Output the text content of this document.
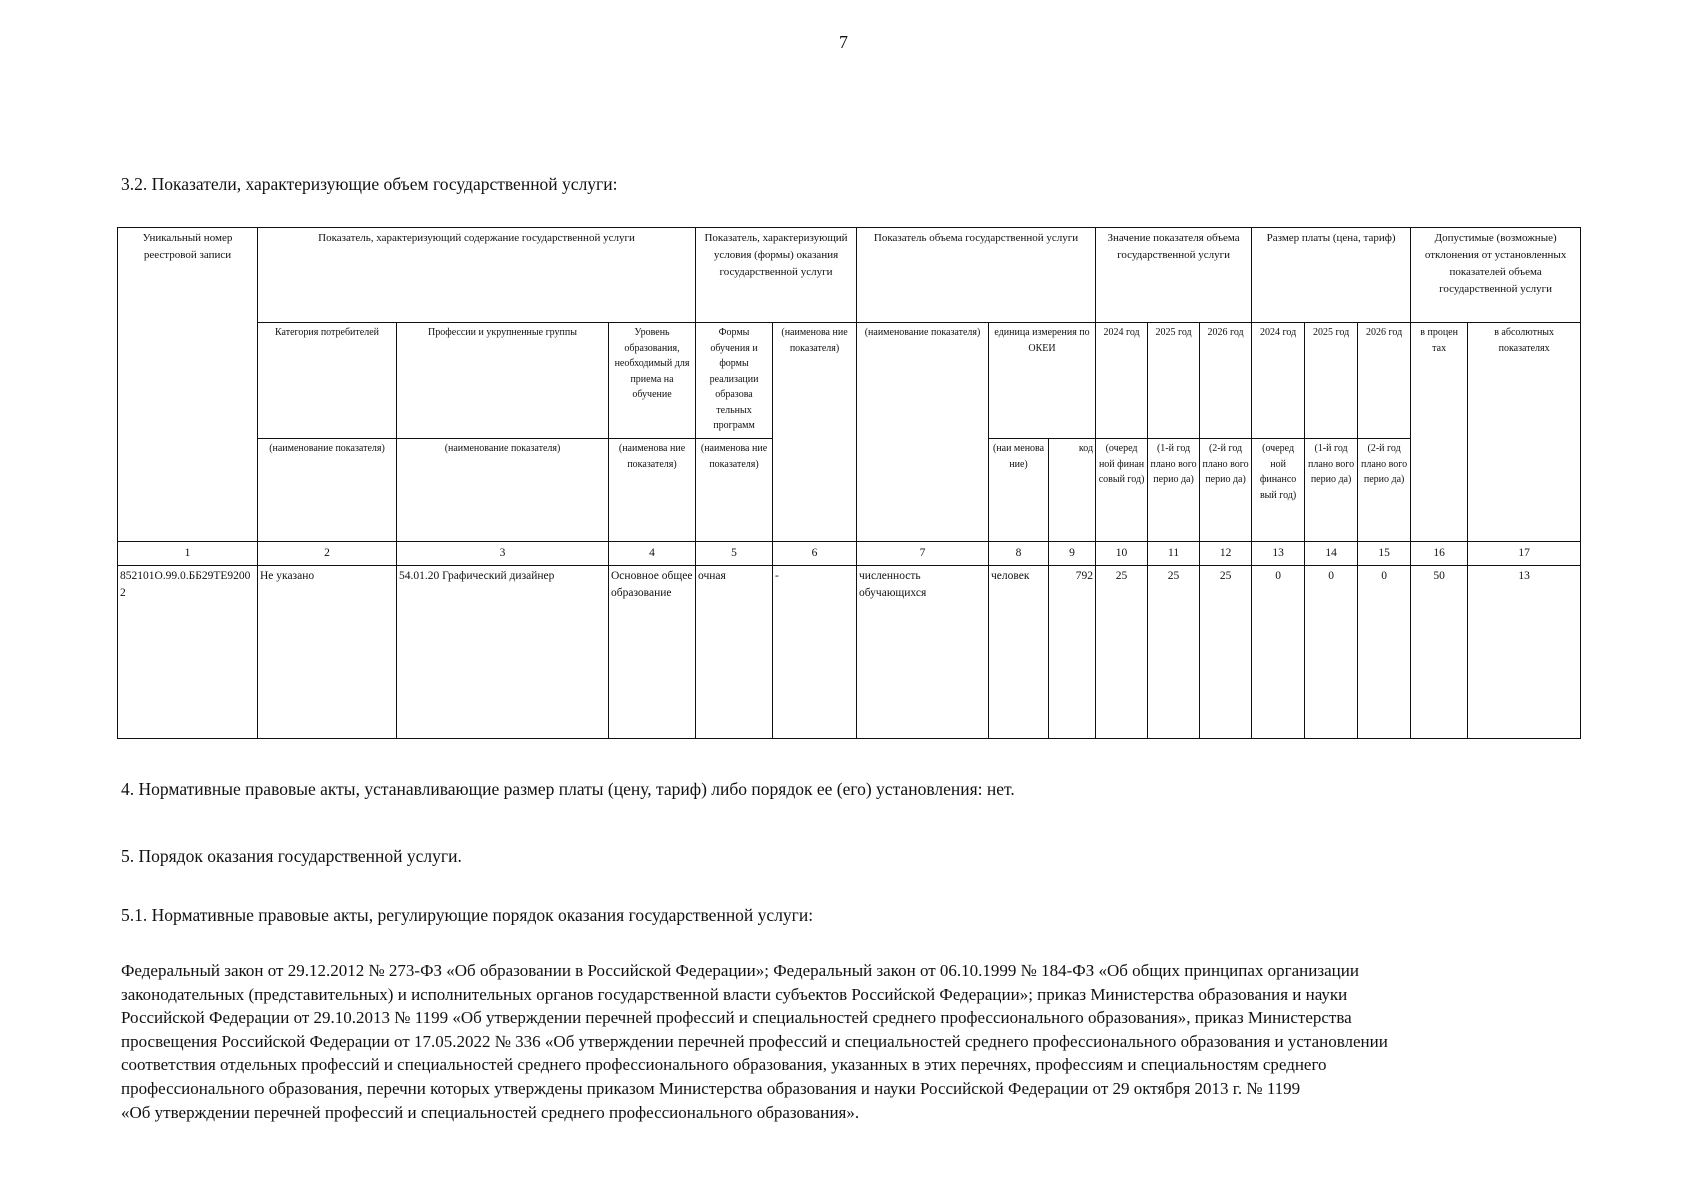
7
3.2. Показатели, характеризующие объем государственной услуги:
Уникальный номер реестровой записи	Показатель, характеризующий содержание государственной услуги			Показатель, характеризующий условия (формы) оказания государственной услуги		Показатель объема государственной услуги			Значение показателя объема государственной услуги			Размер платы (цена, тариф)			Допустимые (возможные) отклонения от установленных показателей объема государственной услуги	
	Категория потребителей	Профессии и укрупненные группы	Уровень образования, необходимый для приема на обучение	Формы обучения и формы реализации образова тельных программ	(наименова ние показателя)	(наименование показателя)	единица измерения по ОКЕИ		2024 год	2025 год	2026 год	2024 год	2025 год	2026 год	в процен тах	в абсолютных показателях
	(наименование показателя)	(наименование показателя)	(наименова ние показателя)	(наименова ние показателя)			(наи менова ние)	код	(очеред ной финан совый год)	(1-й год плано вого перио да)	(2-й год плано вого перио да)	(очеред ной финансо вый год)	(1-й год плано вого перио да)	(2-й год плано вого перио да)		
1	2	3	4	5	6	7	8	9	10	11	12	13	14	15	16	17
852101О.99.0.ББ29ТЕ92002	Не указано	54.01.20 Графический дизайнер	Основное общее образование	очная	-	численность обучающихся	человек	792	25	25	25	0	0	0	50	13
4. Нормативные правовые акты, устанавливающие размер платы (цену, тариф) либо порядок ее (его) установления: нет.
5. Порядок оказания государственной услуги.
5.1. Нормативные правовые акты, регулирующие порядок оказания государственной услуги:
Федеральный закон от 29.12.2012 № 273-ФЗ «Об образовании в Российской Федерации»; Федеральный закон от 06.10.1999 № 184-ФЗ «Об общих принципах организации
законодательных (представительных) и исполнительных органов государственной власти субъектов Российской Федерации»; приказ Министерства образования и науки
Российской Федерации от 29.10.2013 № 1199 «Об утверждении перечней профессий и специальностей среднего профессионального образования», приказ Министерства
просвещения Российской Федерации от 17.05.2022 № 336 «Об утверждении перечней профессий и специальностей среднего профессионального образования и установлении
соответствия отдельных профессий и специальностей среднего профессионального образования, указанных в этих перечнях, профессиям и специальностям среднего
профессионального образования, перечни которых утверждены приказом Министерства образования и науки Российской Федерации от 29 октября 2013 г. № 1199
«Об утверждении перечней профессий и специальностей среднего профессионального образования».
